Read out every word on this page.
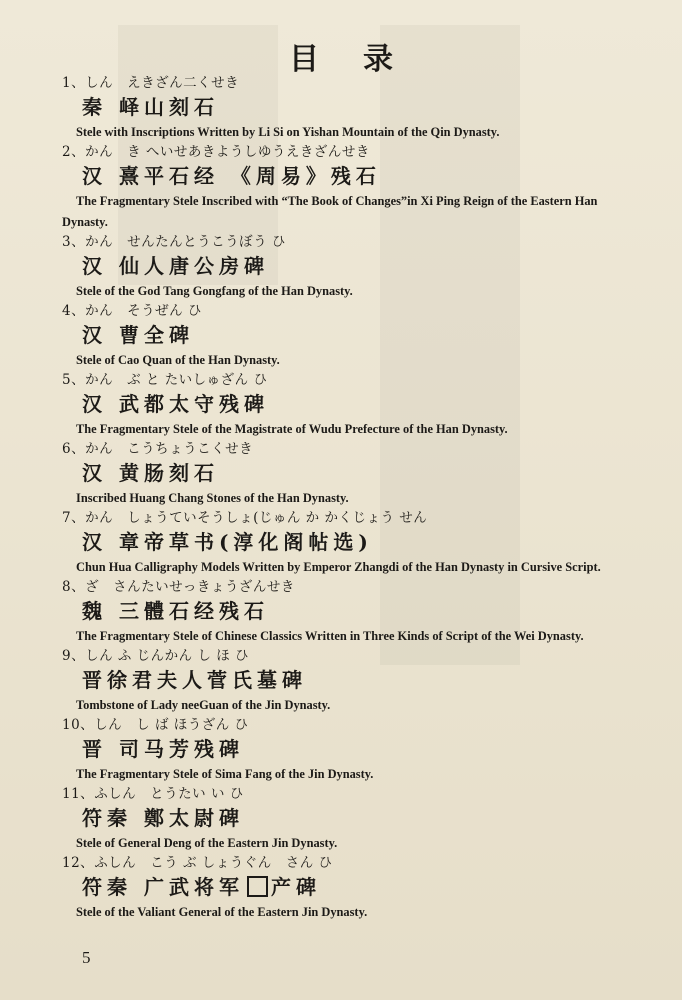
目录
1、しん　えきざん二くせき
秦 峄山刻石
Stele with Inscriptions Written by Li Si on Yishan Mountain of the Qin Dynasty.
2、かん　き へいせあきようしゆうえきざんせき
汉 熹平石经 《周易》残石
The Fragmentary Stele Inscribed with “The Book of Changes”in Xi Ping Reign of the Eastern Han Dynasty.
3、かん　せんたんとうこうぼう ひ
汉 仙人唐公房碑
Stele of the God Tang Gongfang of the Han Dynasty.
4、かん　そうぜん ひ
汉 曹全碑
Stele of Cao Quan of the Han Dynasty.
5、かん　ぶ と たいしゅざん ひ
汉 武都太守残碑
The Fragmentary Stele of the Magistrate of Wudu Prefecture of the Han Dynasty.
6、かん　こうちょうこくせき
汉 黄肠刻石
Inscribed Huang Chang Stones of the Han Dynasty.
7、かん　しょうていそうしょ(じゅん か かくじょう せん
汉 章帝草书(淳化阁帖选)
Chun Hua Calligraphy Models Written by Emperor Zhangdi of the Han Dynasty in Cursive Script.
8、ざ　さんたいせっきょうざんせき
魏 三體石经残石
The Fragmentary Stele of Chinese Classics Written in Three Kinds of Script of the Wei Dynasty.
9、しん ふ じんかん し ほ ひ
晋徐君夫人菅氏墓碑
Tombstone of Lady neeGuan of the Jin Dynasty.
10、しん　し ば ほうざん ひ
晋 司马芳残碑
The Fragmentary Stele of Sima Fang of the Jin Dynasty.
11、ふしん　とうたい い ひ
符秦 鄭太尉碑
Stele of General Deng of the Eastern Jin Dynasty.
12、ふしん　こう ぶ しょうぐん　さん ひ
符秦 广武将军 产碑
Stele of the Valiant General of the Eastern Jin Dynasty.
5
